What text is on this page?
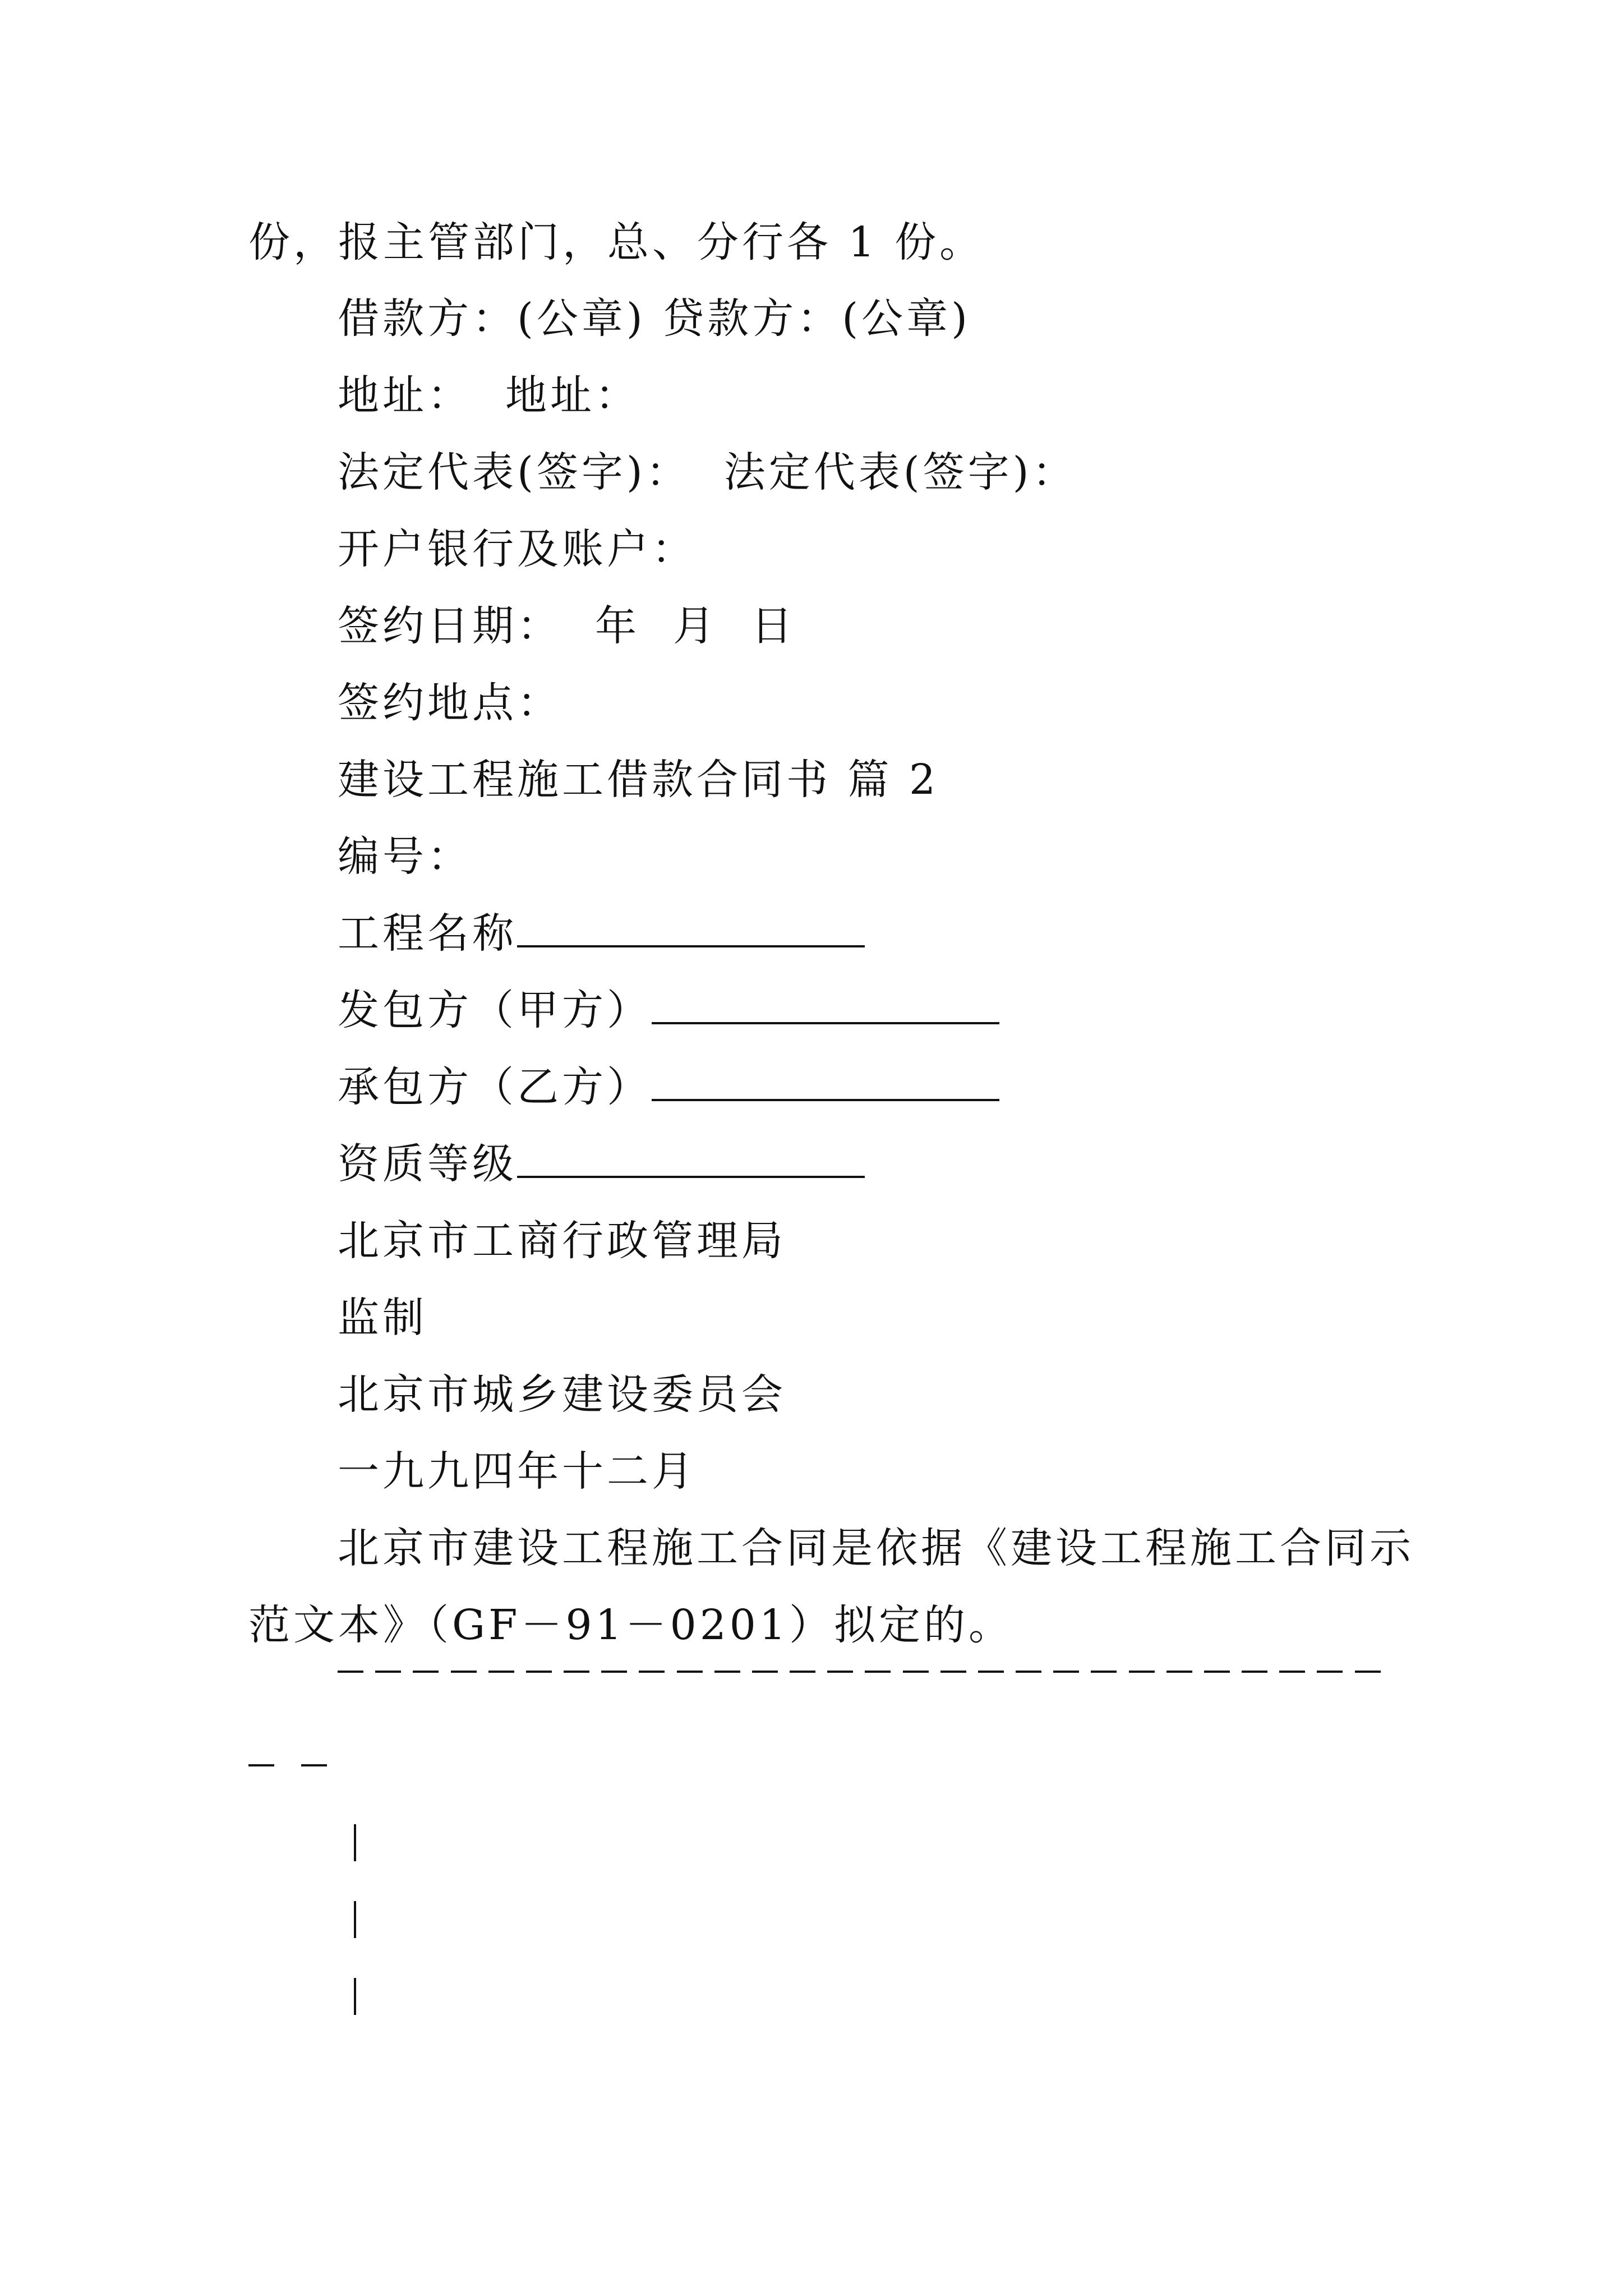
份，报主管部门，总、分行各 1 份。
借款方：(公章) 贷款方：(公章)
地址：  地址：
法定代表(签字)：  法定代表(签字)：
开户银行及账户：
签约日期：  年  月  日
签约地点：
建设工程施工借款合同书 篇 2
编号：
工程名称
发包方（甲方）
承包方（乙方）
资质等级
北京市工商行政管理局
监制
北京市城乡建设委员会
一九九四年十二月
北京市建设工程施工合同是依据《建设工程施工合同示
范文本》（GF－91－0201）拟定的。
